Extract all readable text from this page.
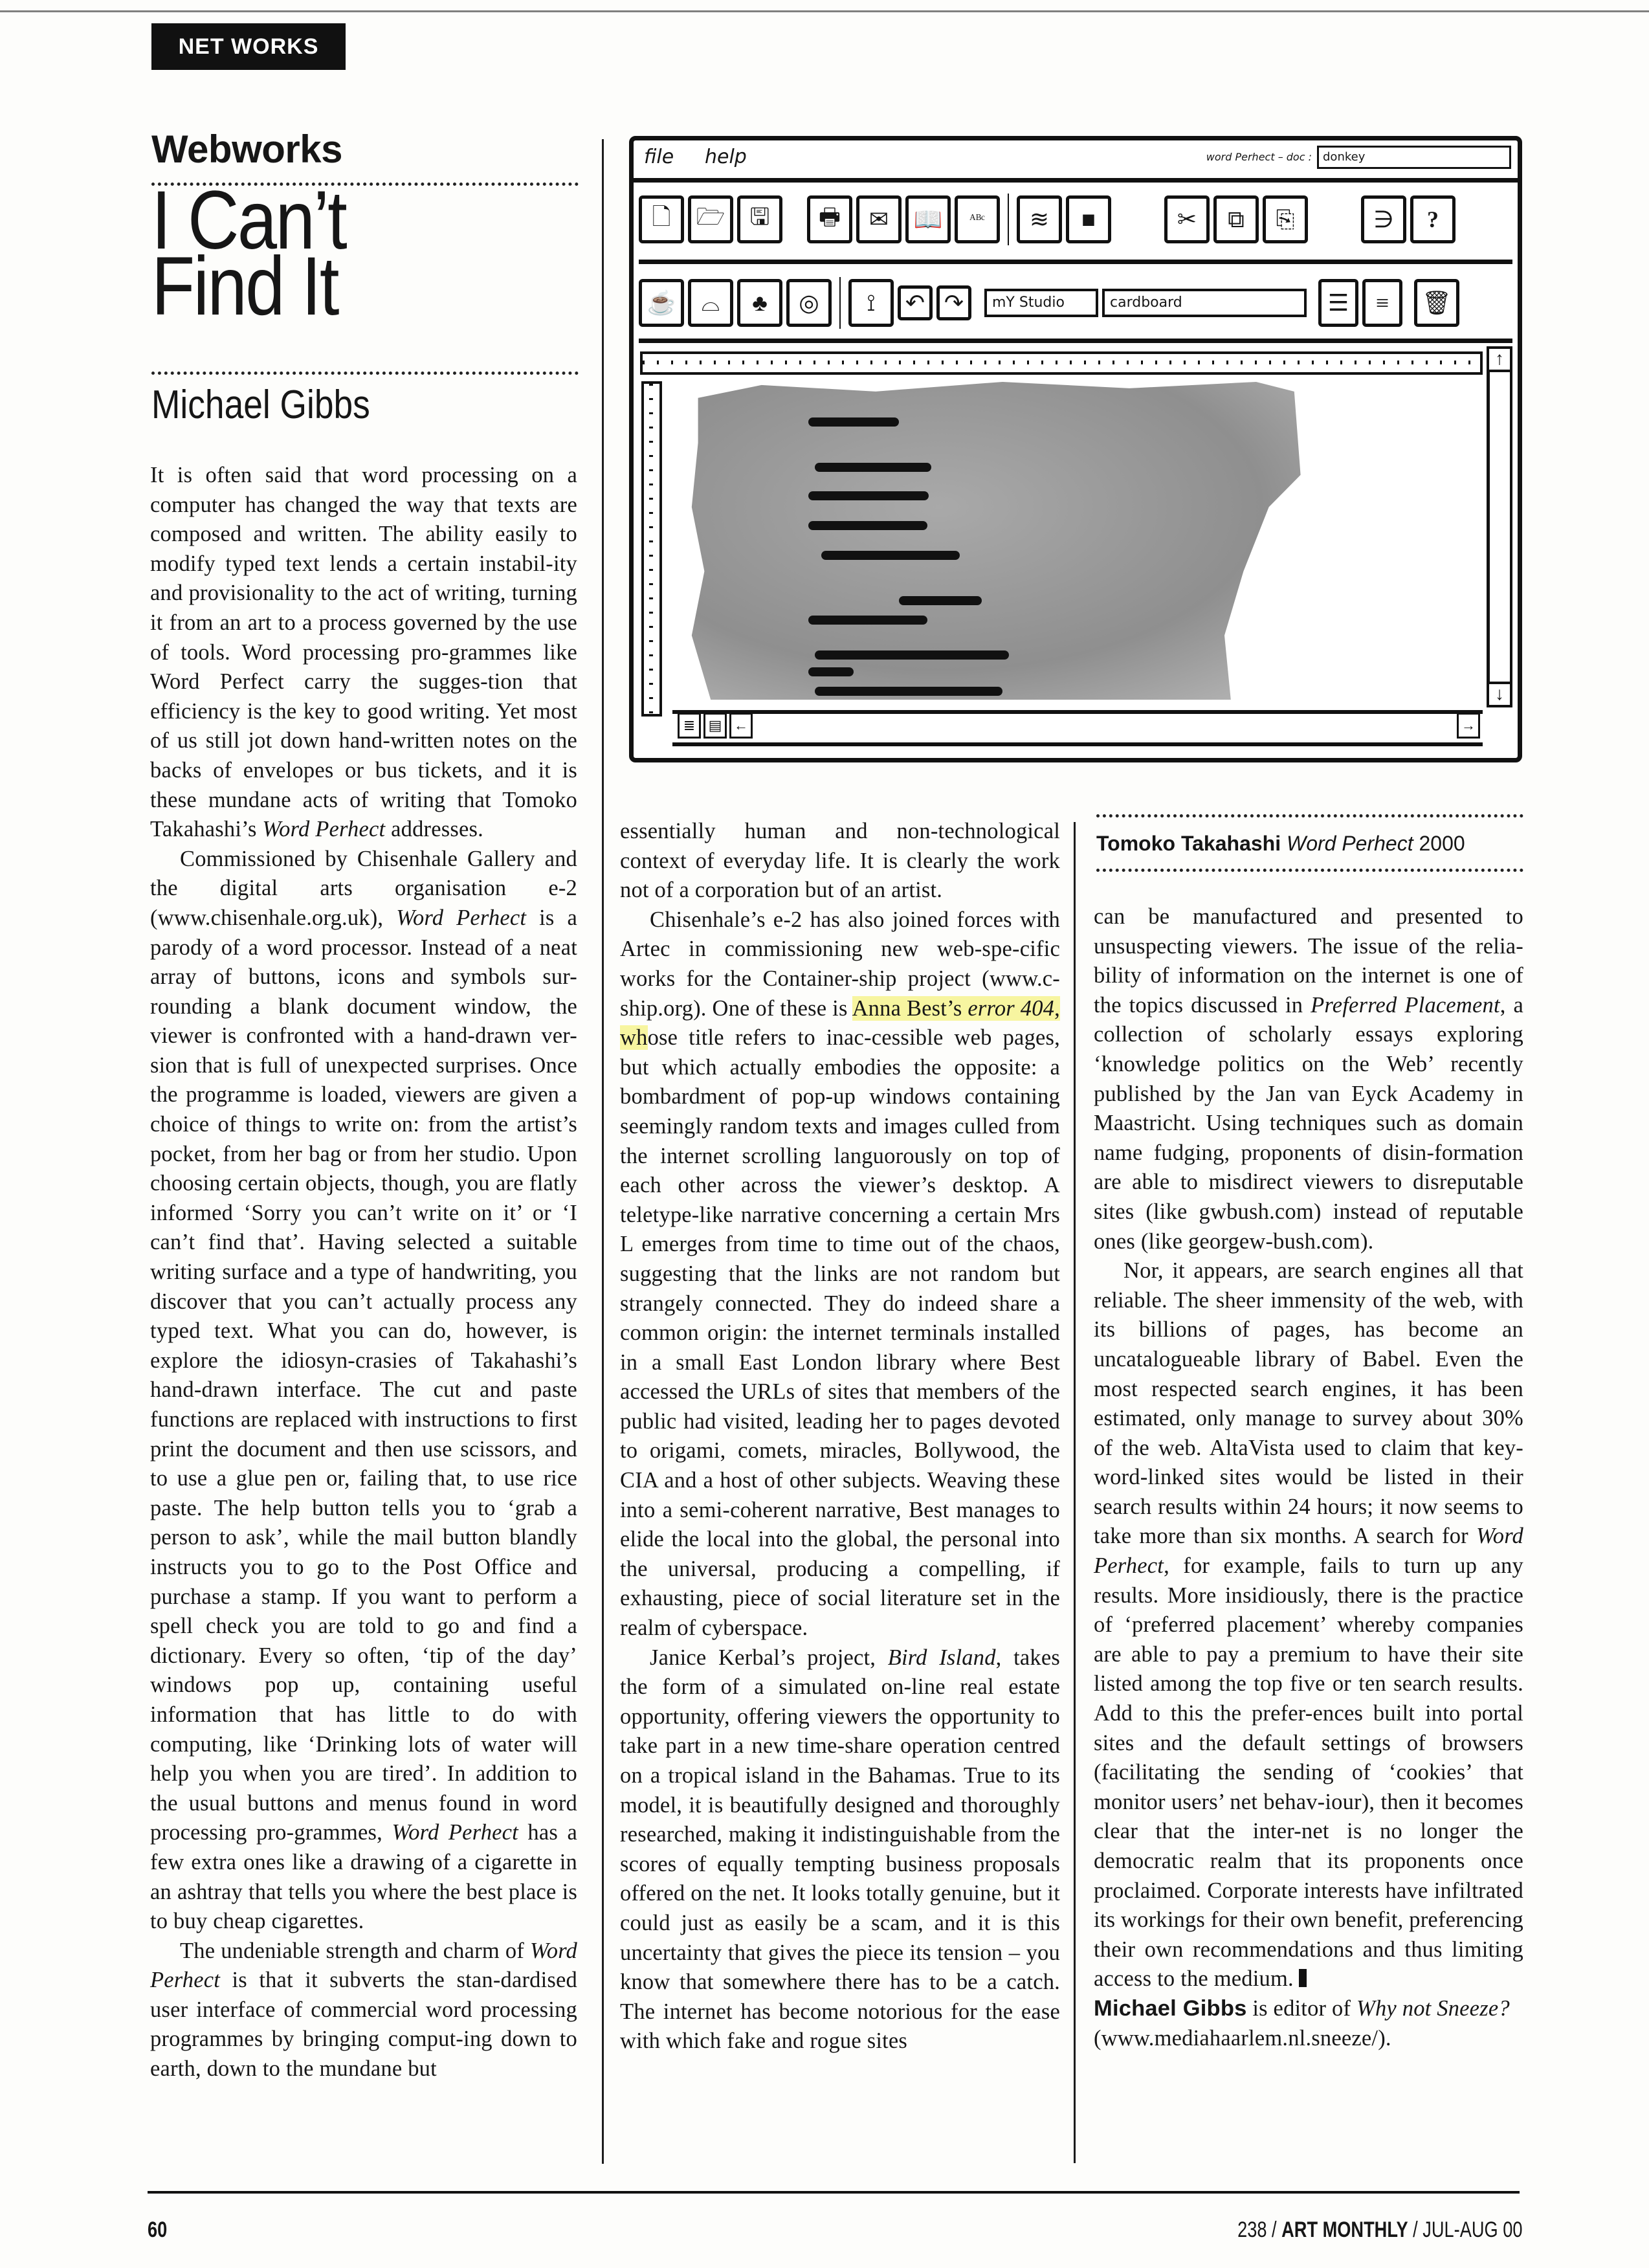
NET WORKS
Webworks
I Can’t
Find It
Michael Gibbs
file help	word Perhect – doc : donkey
🗋	🗁	🖫	🖶	✉	📖	ᴬᴮᶜ	≋	■	✂	⧉	⎘	∋	?
☕	⌓	♣	◎	⟟	↶ ↷	mY Studio	cardboard	☰	≡	🗑
↑
↓
≣ ▤ ←	→

It is often said that word processing on a computer has changed the way that texts are composed and written. The ability easily to modify typed text lends a certain instabil-ity and provisionality to the act of writing, turning it from an art to a process governed by the use of tools. Word processing pro-grammes like Word Perfect carry the sugges-tion that efficiency is the key to good writing. Yet most of us still jot down hand-written notes on the backs of envelopes or bus tickets, and it is these mundane acts of writing that Tomoko Takahashi’s Word Perhect addresses.

Commissioned by Chisenhale Gallery and the digital arts organisation e-2 (www.chisenhale.org.uk), Word Perhect is a parody of a word processor. Instead of a neat array of buttons, icons and symbols sur-rounding a blank document window, the viewer is confronted with a hand-drawn ver-sion that is full of unexpected surprises. Once the programme is loaded, viewers are given a choice of things to write on: from the artist’s pocket, from her bag or from her studio. Upon choosing certain objects, though, you are flatly informed ‘Sorry you can’t write on it’ or ‘I can’t find that’. Having selected a suitable writing surface and a type of handwriting, you discover that you can’t actually process any typed text. What you can do, however, is explore the idiosyn-crasies of Takahashi’s hand-drawn interface. The cut and paste functions are replaced with instructions to first print the document and then use scissors, and to use a glue pen or, failing that, to use rice paste. The help button tells you to ‘grab a person to ask’, while the mail button blandly instructs you to go to the Post Office and purchase a stamp. If you want to perform a spell check you are told to go and find a dictionary. Every so often, ‘tip of the day’ windows pop up, containing useful information that has little to do with computing, like ‘Drinking lots of water will help you when you are tired’. In addition to the usual buttons and menus found in word processing pro-grammes, Word Perhect has a few extra ones like a drawing of a cigarette in an ashtray that tells you where the best place is to buy cheap cigarettes.

The undeniable strength and charm of Word Perhect is that it subverts the stan-dardised user interface of commercial word processing programmes by bringing comput-ing down to earth, down to the mundane but

essentially human and non-technological context of everyday life. It is clearly the work not of a corporation but of an artist.

Chisenhale’s e-2 has also joined forces with Artec in commissioning new web-spe-cific works for the Container-ship project (www.c-ship.org). One of these is Anna Best’s error 404, whose title refers to inac-cessible web pages, but which actually embodies the opposite: a bombardment of pop-up windows containing seemingly random texts and images culled from the internet scrolling languorously on top of each other across the viewer’s desktop. A teletype-like narrative concerning a certain Mrs L emerges from time to time out of the chaos, suggesting that the links are not random but strangely connected. They do indeed share a common origin: the internet terminals installed in a small East London library where Best accessed the URLs of sites that members of the public had visited, leading her to pages devoted to origami, comets, miracles, Bollywood, the CIA and a host of other subjects. Weaving these into a semi-coherent narrative, Best manages to elide the local into the global, the personal into the universal, producing a compelling, if exhausting, piece of social literature set in the realm of cyberspace.

Janice Kerbal’s project, Bird Island, takes the form of a simulated on-line real estate opportunity, offering viewers the opportunity to take part in a new time-share operation centred on a tropical island in the Bahamas. True to its model, it is beautifully designed and thoroughly researched, making it indistinguishable from the scores of equally tempting business proposals offered on the net. It looks totally genuine, but it could just as easily be a scam, and it is this uncertainty that gives the piece its tension – you know that somewhere there has to be a catch. The internet has become notorious for the ease with which fake and rogue sites

Tomoko Takahashi Word Perhect 2000

can be manufactured and presented to unsuspecting viewers. The issue of the relia-bility of information on the internet is one of the topics discussed in Preferred Placement, a collection of scholarly essays exploring ‘knowledge politics on the Web’ recently published by the Jan van Eyck Academy in Maastricht. Using techniques such as domain name fudging, proponents of disin-formation are able to misdirect viewers to disreputable sites (like gwbush.com) instead of reputable ones (like georgew-bush.com).

Nor, it appears, are search engines all that reliable. The sheer immensity of the web, with its billions of pages, has become an uncatalogueable library of Babel. Even the most respected search engines, it has been estimated, only manage to survey about 30% of the web. AltaVista used to claim that key-word-linked sites would be listed in their search results within 24 hours; it now seems to take more than six months. A search for Word Perhect, for example, fails to turn up any results. More insidiously, there is the practice of ‘preferred placement’ whereby companies are able to pay a premium to have their site listed among the top five or ten search results. Add to this the prefer-ences built into portal sites and the default settings of browsers (facilitating the sending of ‘cookies’ that monitor users’ net behav-iour), then it becomes clear that the inter-net is no longer the democratic realm that its proponents once proclaimed. Corporate interests have infiltrated its workings for their own benefit, preferencing their own recommendations and thus limiting access to the medium.

Michael Gibbs is editor of Why not Sneeze? (www.mediahaarlem.nl.sneeze/).

60	238 / ART MONTHLY / JUL-AUG 00
